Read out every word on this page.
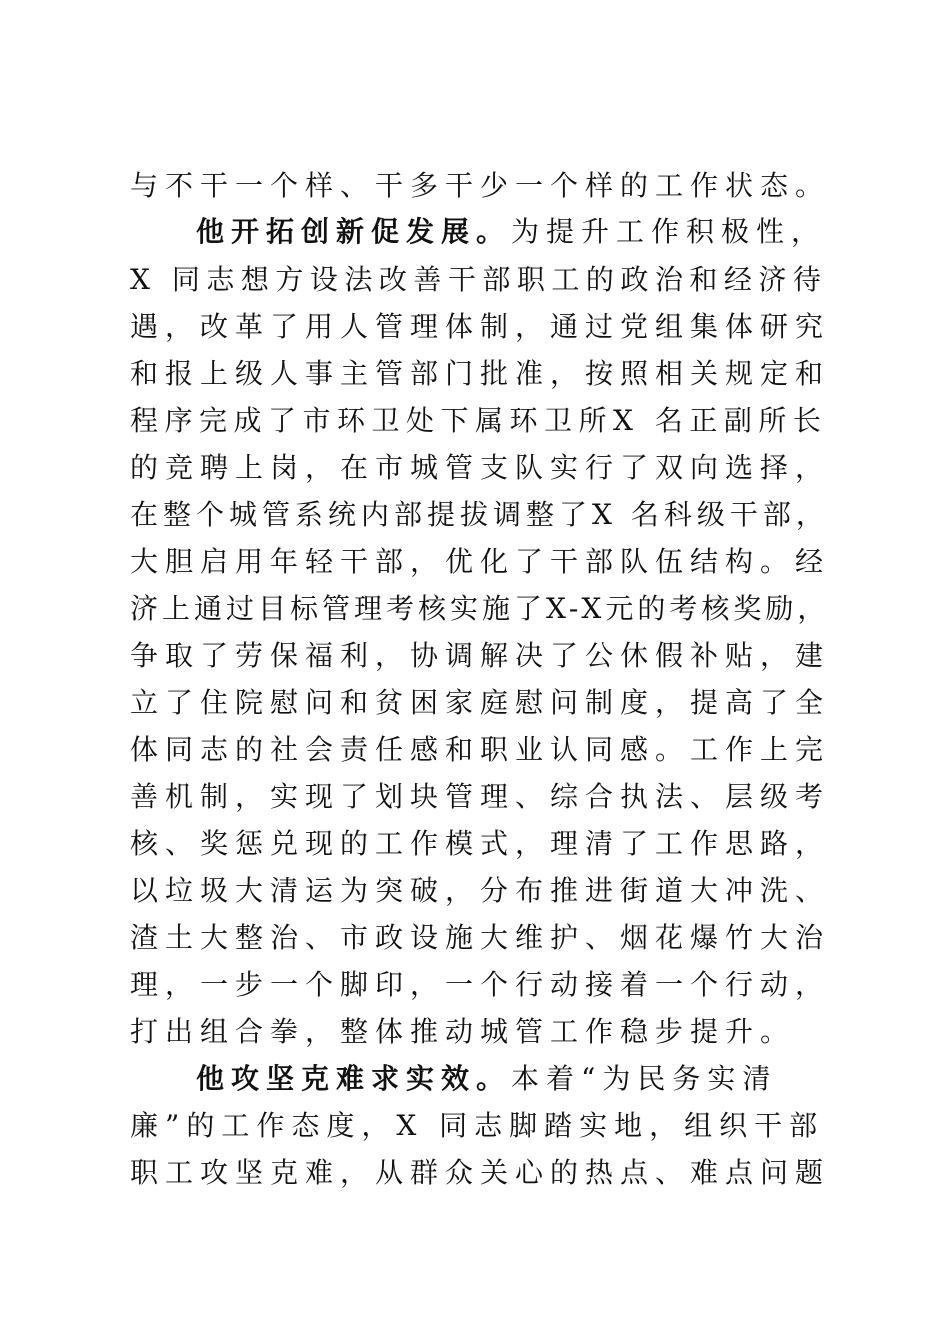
与不干一个样、干多干少一个样的工作状态。
他开拓创新促发展。为提升工作积极性，
X 同志想方设法改善干部职工的政治和经济待
遇，改革了用人管理体制，通过党组集体研究
和报上级人事主管部门批准，按照相关规定和
程序完成了市环卫处下属环卫所X 名正副所长
的竞聘上岗，在市城管支队实行了双向选择，
在整个城管系统内部提拔调整了X 名科级干部，
大胆启用年轻干部，优化了干部队伍结构。经
济上通过目标管理考核实施了X-X元的考核奖励，
争取了劳保福利，协调解决了公休假补贴，建
立了住院慰问和贫困家庭慰问制度，提高了全
体同志的社会责任感和职业认同感。工作上完
善机制，实现了划块管理、综合执法、层级考
核、奖惩兑现的工作模式，理清了工作思路，
以垃圾大清运为突破，分布推进街道大冲洗、
渣土大整治、市政设施大维护、烟花爆竹大治
理，一步一个脚印，一个行动接着一个行动，
打出组合拳，整体推动城管工作稳步提升。
他攻坚克难求实效。本着“为民务实清
廉”的工作态度，X 同志脚踏实地，组织干部
职工攻坚克难，从群众关心的热点、难点问题
